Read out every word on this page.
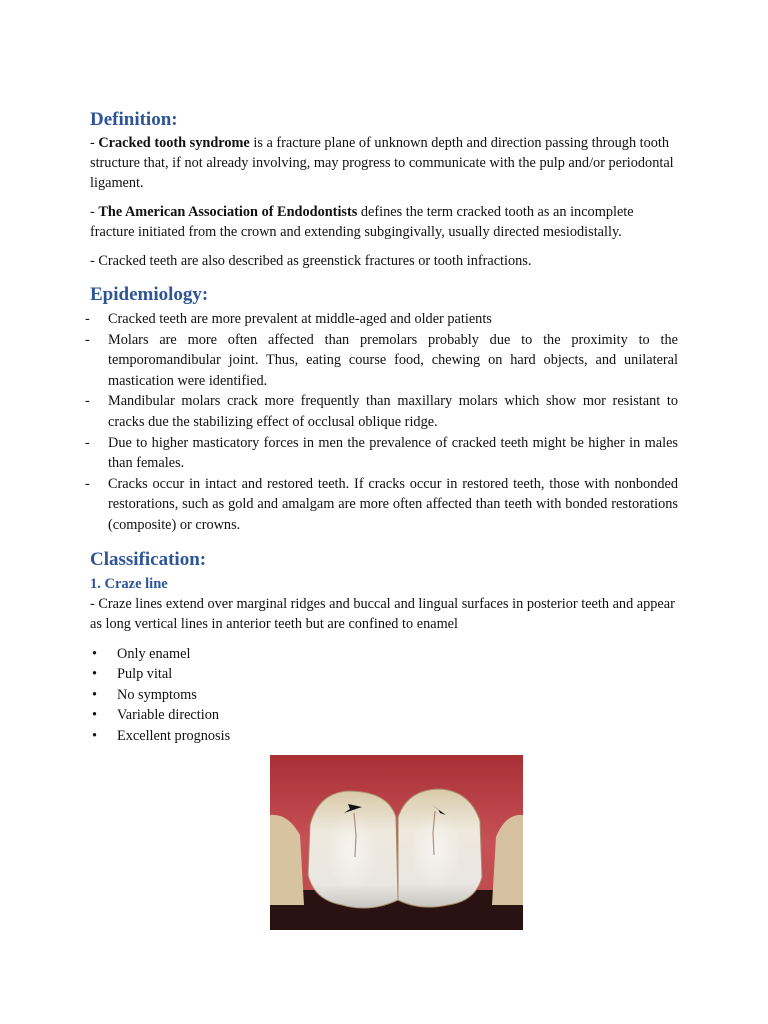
Definition:

- Cracked tooth syndrome is a fracture plane of unknown depth and direction passing through tooth structure that, if not already involving, may progress to communicate with the pulp and/or periodontal ligament.

- The American Association of Endodontists defines the term cracked tooth as an incomplete fracture initiated from the crown and extending subgingivally, usually directed mesiodistally.

- Cracked teeth are also described as greenstick fractures or tooth infractions.

Epidemiology:
- Cracked teeth are more prevalent at middle-aged and older patients
- Molars are more often affected than premolars probably due to the proximity to the temporomandibular joint. Thus, eating course food, chewing on hard objects, and unilateral mastication were identified.
- Mandibular molars crack more frequently than maxillary molars which show mor resistant to cracks due the stabilizing effect of occlusal oblique ridge.
- Due to higher masticatory forces in men the prevalence of cracked teeth might be higher in males than females.
- Cracks occur in intact and restored teeth. If cracks occur in restored teeth, those with nonbonded restorations, such as gold and amalgam are more often affected than teeth with bonded restorations (composite) or crowns.
Classification:
1. Craze line

- Craze lines extend over marginal ridges and buccal and lingual surfaces in posterior teeth and appear as long vertical lines in anterior teeth but are confined to enamel

• Only enamel
• Pulp vital
• No symptoms
• Variable direction
• Excellent prognosis
